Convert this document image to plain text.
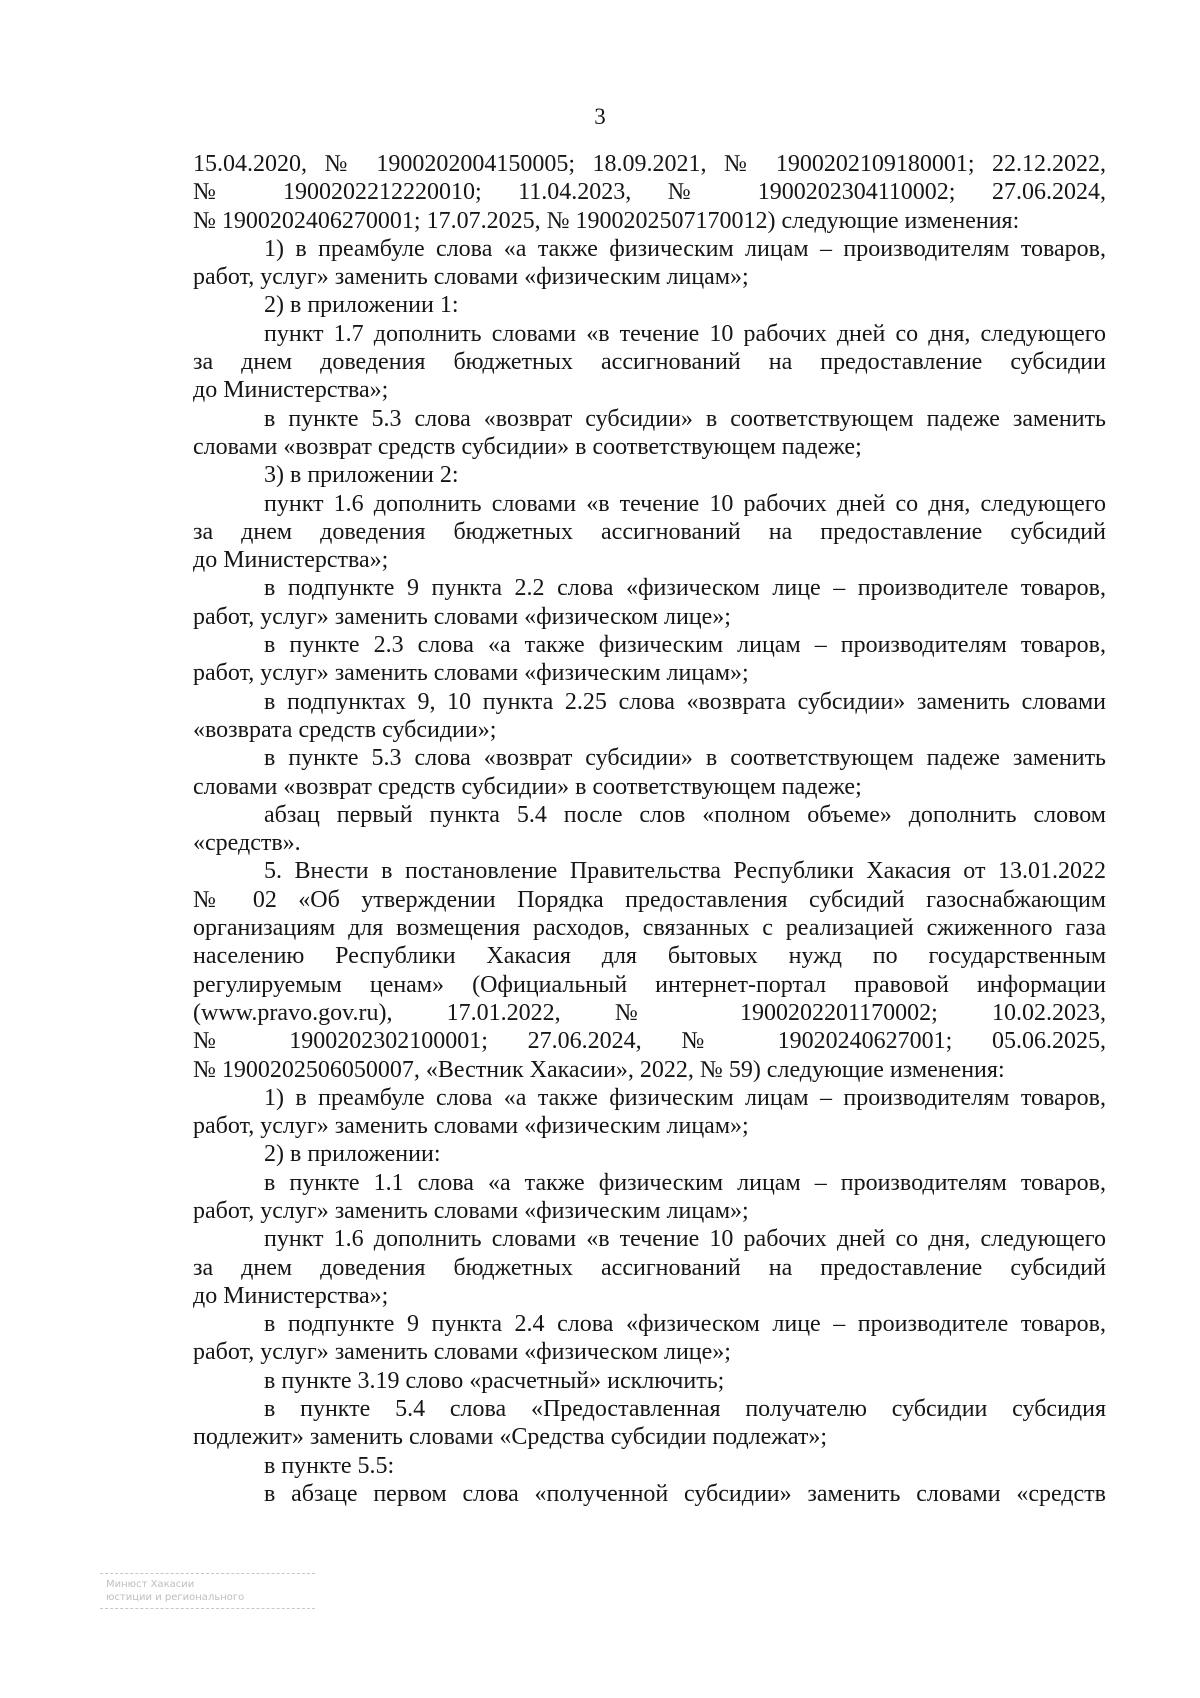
3
15.04.2020, № 1900202004150005; 18.09.2021, № 1900202109180001; 22.12.2022,
№ 1900202212220010; 11.04.2023, № 1900202304110002; 27.06.2024,
№ 1900202406270001; 17.07.2025, № 1900202507170012) следующие изменения:
1) в преамбуле слова «а также физическим лицам – производителям товаров,
работ, услуг» заменить словами «физическим лицам»;
2) в приложении 1:
пункт 1.7 дополнить словами «в течение 10 рабочих дней со дня, следующего
за днем доведения бюджетных ассигнований на предоставление субсидии
до Министерства»;
в пункте 5.3 слова «возврат субсидии» в соответствующем падеже заменить
словами «возврат средств субсидии» в соответствующем падеже;
3) в приложении 2:
пункт 1.6 дополнить словами «в течение 10 рабочих дней со дня, следующего
за днем доведения бюджетных ассигнований на предоставление субсидий
до Министерства»;
в подпункте 9 пункта 2.2 слова «физическом лице – производителе товаров,
работ, услуг» заменить словами «физическом лице»;
в пункте 2.3 слова «а также физическим лицам – производителям товаров,
работ, услуг» заменить словами «физическим лицам»;
в подпунктах 9, 10 пункта 2.25 слова «возврата субсидии» заменить словами
«возврата средств субсидии»;
в пункте 5.3 слова «возврат субсидии» в соответствующем падеже заменить
словами «возврат средств субсидии» в соответствующем падеже;
абзац первый пункта 5.4 после слов «полном объеме» дополнить словом
«средств».
5. Внести в постановление Правительства Республики Хакасия от 13.01.2022
№ 02 «Об утверждении Порядка предоставления субсидий газоснабжающим
организациям для возмещения расходов, связанных с реализацией сжиженного газа
населению Республики Хакасия для бытовых нужд по государственным
регулируемым ценам» (Официальный интернет-портал правовой информации
(www.pravo.gov.ru), 17.01.2022, № 1900202201170002; 10.02.2023,
№ 1900202302100001; 27.06.2024, № 19020240627001; 05.06.2025,
№ 1900202506050007, «Вестник Хакасии», 2022, № 59) следующие изменения:
1) в преамбуле слова «а также физическим лицам – производителям товаров,
работ, услуг» заменить словами «физическим лицам»;
2) в приложении:
в пункте 1.1 слова «а также физическим лицам – производителям товаров,
работ, услуг» заменить словами «физическим лицам»;
пункт 1.6 дополнить словами «в течение 10 рабочих дней со дня, следующего
за днем доведения бюджетных ассигнований на предоставление субсидий
до Министерства»;
в подпункте 9 пункта 2.4 слова «физическом лице – производителе товаров,
работ, услуг» заменить словами «физическом лице»;
в пункте 3.19 слово «расчетный» исключить;
в пункте 5.4 слова «Предоставленная получателю субсидии субсидия
подлежит» заменить словами «Средства субсидии подлежат»;
в пункте 5.5:
в абзаце первом слова «полученной субсидии» заменить словами «средств
Минюст Хакасии
юстиции и регионального
